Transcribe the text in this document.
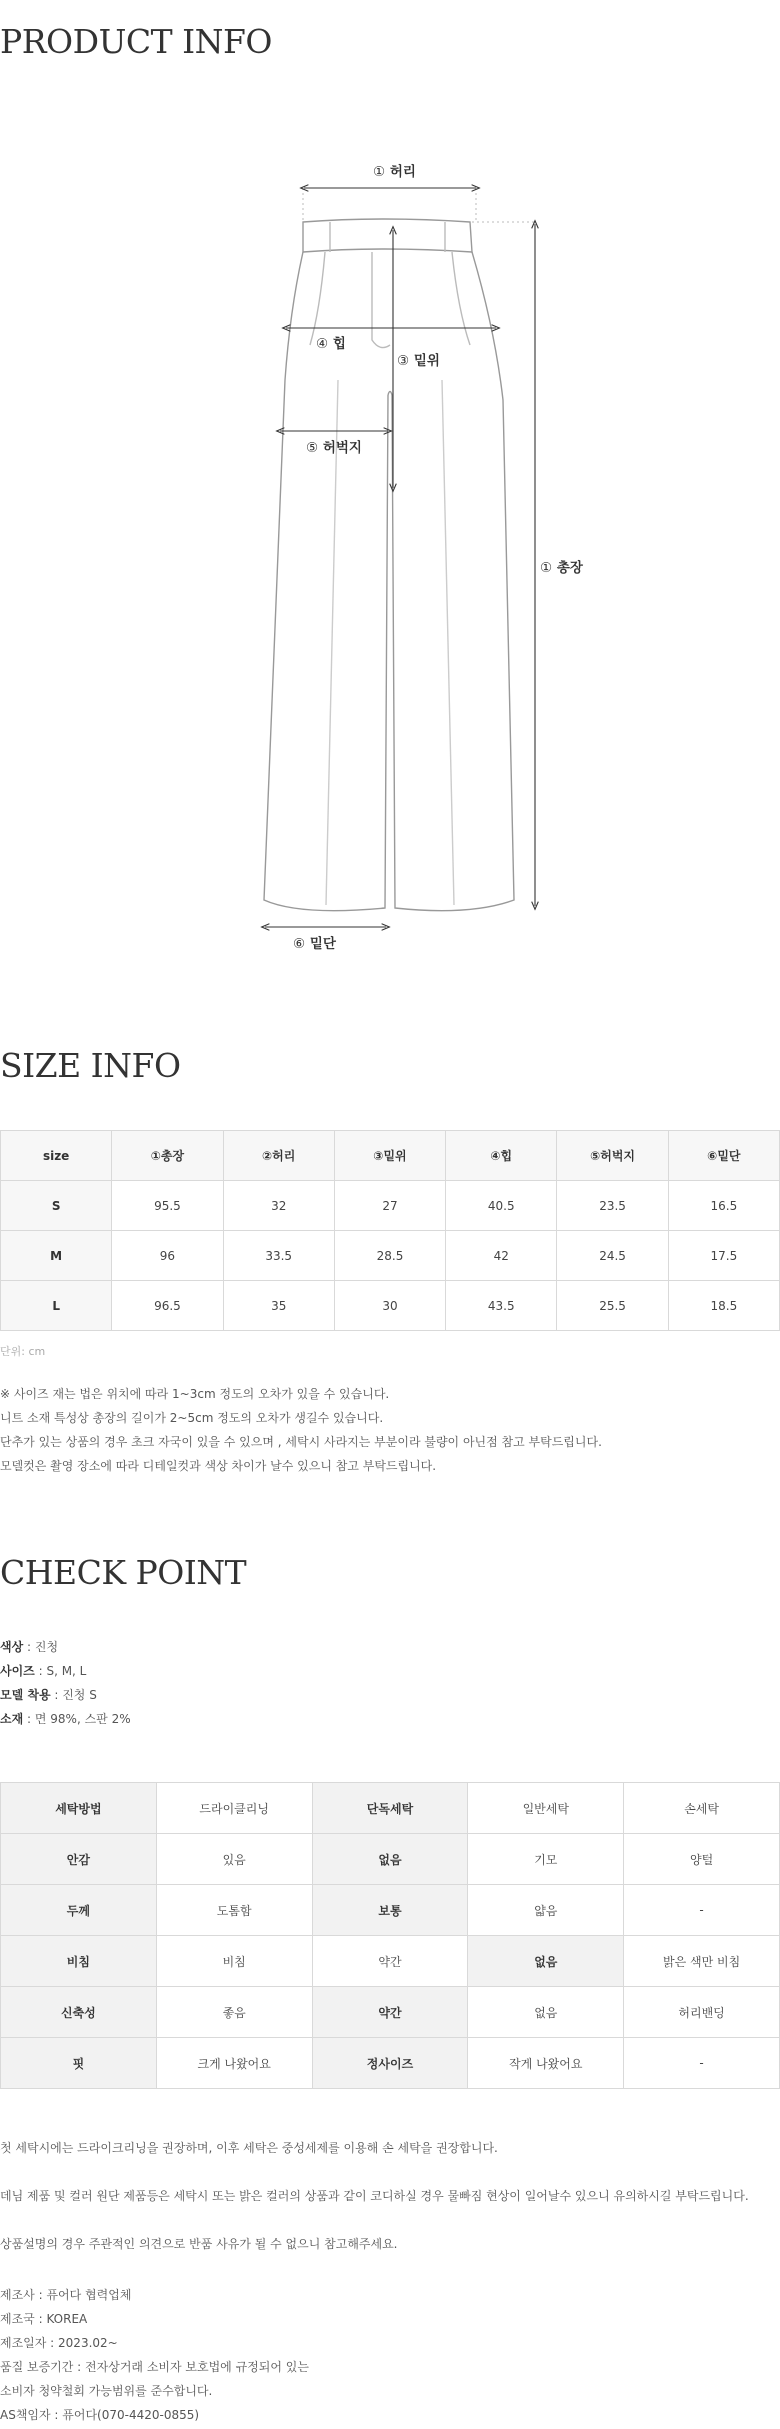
PRODUCT INFO
① 허리
④ 힙
③ 밑위
⑤ 허벅지
① 총장
⑥ 밑단
SIZE INFO
size	①총장	②허리	③밑위	④힙	⑤허벅지	⑥밑단
S	95.5	32	27	40.5	23.5	16.5
M	96	33.5	28.5	42	24.5	17.5
L	96.5	35	30	43.5	25.5	18.5
단위: cm
※ 사이즈 재는 법은 위치에 따라 1~3cm 정도의 오차가 있을 수 있습니다.
니트 소재 특성상 총장의 길이가 2~5cm 정도의 오차가 생길수 있습니다.
단추가 있는 상품의 경우 초크 자국이 있을 수 있으며 , 세탁시 사라지는 부분이라 불량이 아닌점 참고 부탁드립니다.
모델컷은 촬영 장소에 따라 디테일컷과 색상 차이가 날수 있으니 참고 부탁드립니다.
CHECK POINT
색상 : 진청
사이즈 : S, M, L
모델 착용 : 진청 S
소재 : 면 98%, 스판 2%
세탁방법	드라이클리닝	단독세탁	일반세탁	손세탁
안감	있음	없음	기모	양털
두께	도톰함	보통	얇음	-
비침	비침	약간	없음	밝은 색만 비침
신축성	좋음	약간	없음	허리밴딩
핏	크게 나왔어요	정사이즈	작게 나왔어요	-

첫 세탁시에는 드라이크리닝을 권장하며, 이후 세탁은 중성세제를 이용해 손 세탁을 권장합니다.

데님 제품 및 컬러 원단 제품등은 세탁시 또는 밝은 컬러의 상품과 같이 코디하실 경우 물빠짐 현상이 일어날수 있으니 유의하시길 부탁드립니다.

상품설명의 경우 주관적인 의견으로 반품 사유가 될 수 없으니 참고해주세요.

제조사 : 퓨어다 협력업체
제조국 : KOREA
제조일자 : 2023.02~
품질 보증기간 : 전자상거래 소비자 보호법에 규정되어 있는
소비자 청약철회 가능범위를 준수합니다.
AS책임자 : 퓨어다(070-4420-0855)
